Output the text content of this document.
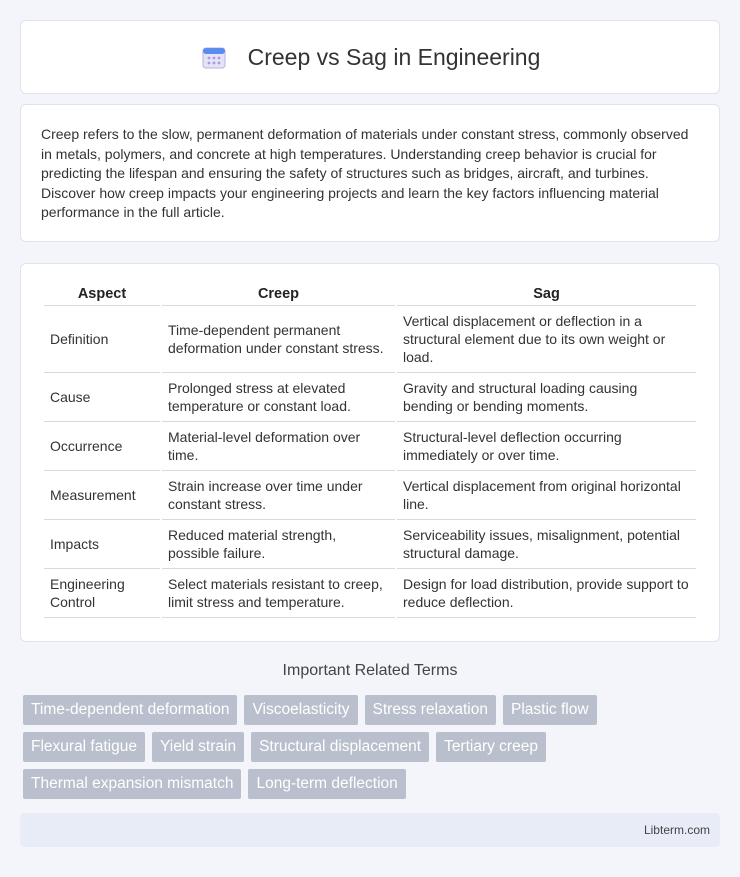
Creep vs Sag in Engineering

Creep refers to the slow, permanent deformation of materials under constant stress, commonly observed in metals, polymers, and concrete at high temperatures. Understanding creep behavior is crucial for predicting the lifespan and ensuring the safety of structures such as bridges, aircraft, and turbines. Discover how creep impacts your engineering projects and learn the key factors influencing material performance in the full article.

Aspect	Creep	Sag
Definition	Time-dependent permanent deformation under constant stress.	Vertical displacement or deflection in a structural element due to its own weight or load.
Cause	Prolonged stress at elevated temperature or constant load.	Gravity and structural loading causing bending or bending moments.
Occurrence	Material-level deformation over time.	Structural-level deflection occurring immediately or over time.
Measurement	Strain increase over time under constant stress.	Vertical displacement from original horizontal line.
Impacts	Reduced material strength, possible failure.	Serviceability issues, misalignment, potential structural damage.
Engineering Control	Select materials resistant to creep, limit stress and temperature.	Design for load distribution, provide support to reduce deflection.
Important Related Terms
Time-dependent deformation	Viscoelasticity	Stress relaxation	Plastic flow
Flexural fatigue	Yield strain	Structural displacement	Tertiary creep
Thermal expansion mismatch	Long-term deflection
Libterm.com
